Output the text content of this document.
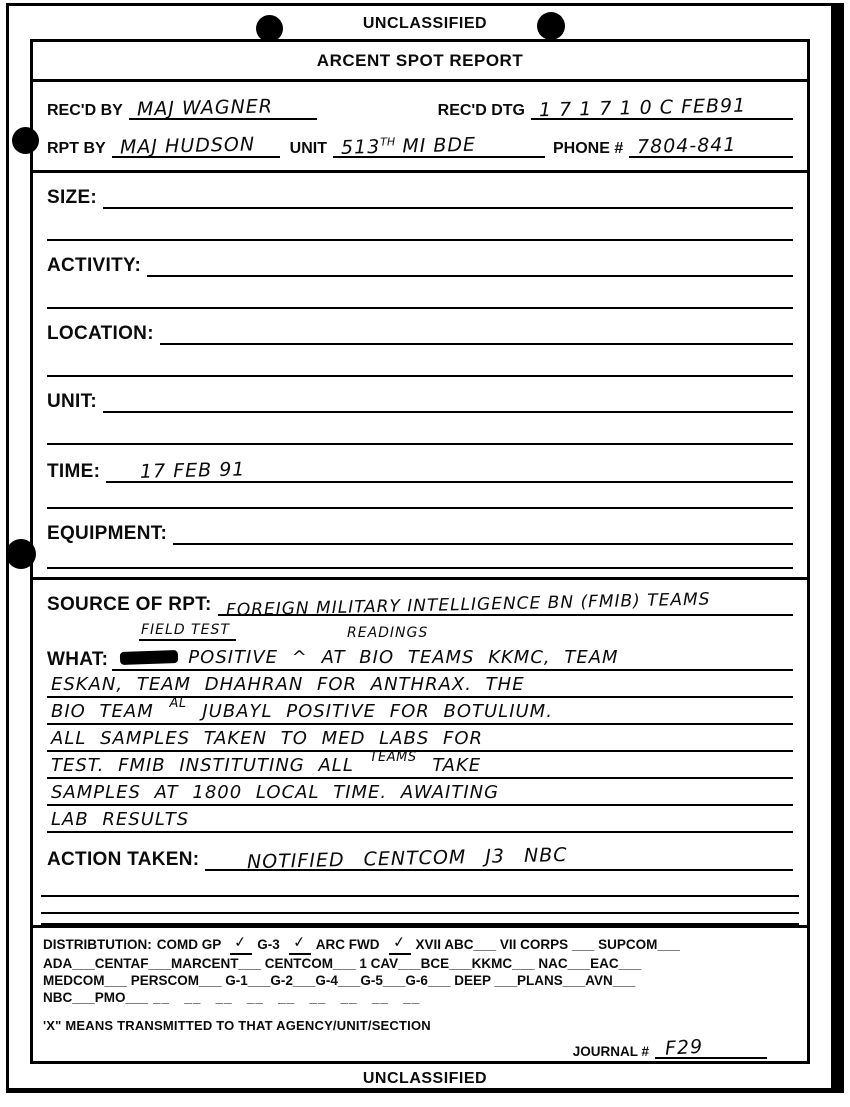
UNCLASSIFIED
ARCENT SPOT REPORT
REC'D BY MAJ WAGNER	REC'D DTG 1 7 1 7 1 0 C FEB91
RPT BY MAJ HUDSON	UNIT 513TH MI BDE	PHONE # 7804-841
SIZE:
ACTIVITY:
LOCATION:
UNIT:
TIME:	17 FEB 91
EQUIPMENT:
SOURCE OF RPT: FOREIGN MILITARY INTELLIGENCE BN (FMIB) TEAMS
FIELD TEST	READINGS
WHAT:	POSITIVE ^ AT BIO TEAMS KKMC, TEAM
ESKAN, TEAM DHAHRAN FOR ANTHRAX. THE
BIO TEAM $^{AL}$ JUBAYL POSITIVE FOR BOTULIUM.
ALL SAMPLES TAKEN TO MED LABS FOR
TEST. FMIB INSTITUTING ALL $^{TEAMS}$ TAKE
SAMPLES AT 1800 LOCAL TIME. AWAITING
LAB RESULTS
ACTION TAKEN:	NOTIFIED CENTCOM J3 NBC
DISTRIBTUTION: COMD GP ✓ G-3 ✓ ARC FWD ✓ XVII ABC___ VII CORPS ___ SUPCOM___
ADA___CENTAF___MARCENT___ CENTCOM___ 1 CAV___BCE___KKMC___ NAC___EAC___
MEDCOM___ PERSCOM___ G-1___G-2___G-4___G-5___G-6___ DEEP ___PLANS___AVN___
NBC___PMO___ __   __   __   __   __   __   __   __   __
'X" MEANS TRANSMITTED TO THAT AGENCY/UNIT/SECTION
JOURNAL # F29
UNCLASSIFIED
